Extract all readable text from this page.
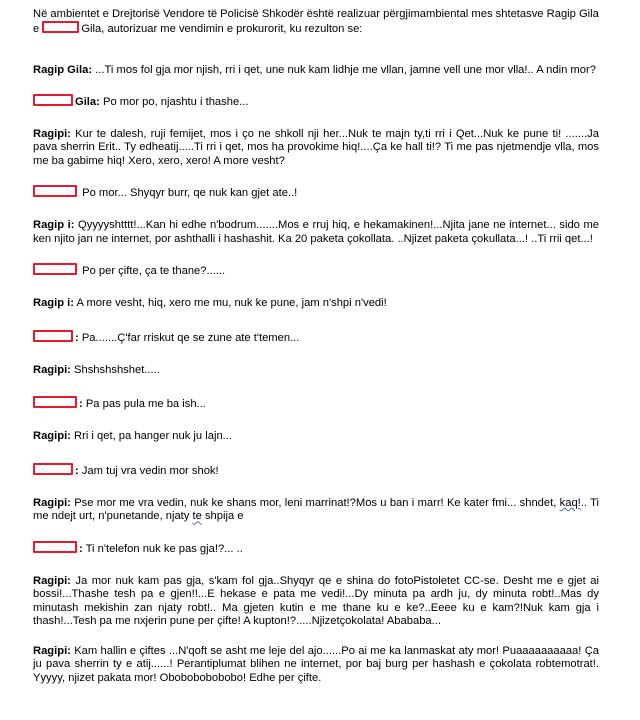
Në ambientet e Drejtorisë Vendore të Policisë Shkodër është realizuar përgjimambiental mes shtetasve Ragip Gila e	Gila, autorizuar me vendimin e prokurorit, ku rezulton se:

Ragip Gila: ...Ti mos fol gja mor njish, rri i qet, une nuk kam lidhje me vllan, jamne vell une mor vlla!.. A ndin mor?

Gila: Po mor po, njashtu i thashe...

Ragipi: Kur te dalesh, ruji femijet, mos i ço ne shkoll nji her...Nuk te majn ty,ti rri i Qet...Nuk ke pune ti! .......Ja pava sherrin Erit.. Ty edheatij.....Ti rri i qet, mos ha provokime hiq!....Ça ke hall ti!? Ti me pas njetmendje vlla, mos me ba gabime hiq! Xero, xero, xero! A more vesht?

Po mor... Shyqyr burr, qe nuk kan gjet ate..!

Ragip i: Qyyyyshtttt!...Kan hi edhe n'bodrum.......Mos e rruj hiq, e hekamakinen!...Njita jane ne internet... sido me ken njito jan ne internet, por ashthalli i hashashit. Ka 20 paketa çokollata. ..Njizet paketa çokullata...! ..Ti rrii qet...!

Po per çifte, ça te thane?......

Ragip i: A more vesht, hiq, xero me mu, nuk ke pune, jam n'shpi n'vedi!

: Pa.......Ç'far rriskut qe se zune ate t'temen...

Ragipi: Shshshshshet.....

: Pa pas pula me ba ish...

Ragipi: Rri i qet, pa hanger nuk ju lajn...

: Jam tuj vra vedin mor shok!

Ragipi: Pse mor me vra vedin, nuk ke shans mor, leni marrinat!?Mos u ban i marr! Ke kater fmi... shndet, kaq!.. Ti me ndejt urt, n'punetande, njaty te shpija e

: Ti n'telefon nuk ke pas gja!?... ..

Ragipi: Ja mor nuk kam pas gja, s'kam fol gja..Shyqyr qe e shina do fotoPistoletet CC-se. Desht me e gjet ai bossi!...Thashe tesh pa e gjen!!...E hekase e pata me vedi!...Dy minuta pa ardh ju, dy minuta robt!..Mas dy minutash mekishin zan njaty robt!.. Ma gjeten kutin e me thane ku e ke?..Eeee ku e kam?!Nuk kam gja i thash!...Tesh pa me nxjerin pune per çifte! A kupton!?.....Njizetçokolata! Abababa...

Ragipi: Kam hallin e çiftes ...N'qoft se asht me leje del ajo......Po ai me ka lanmaskat aty mor! Puaaaaaaaaaa! Ça ju pava sherrin ty e atij......! Perantiplumat blihen ne internet, por baj burg per hashash e çokolata robtemotrat!. Yyyyy, njizet pakata mor! Obobobobobobo! Edhe per çifte.
